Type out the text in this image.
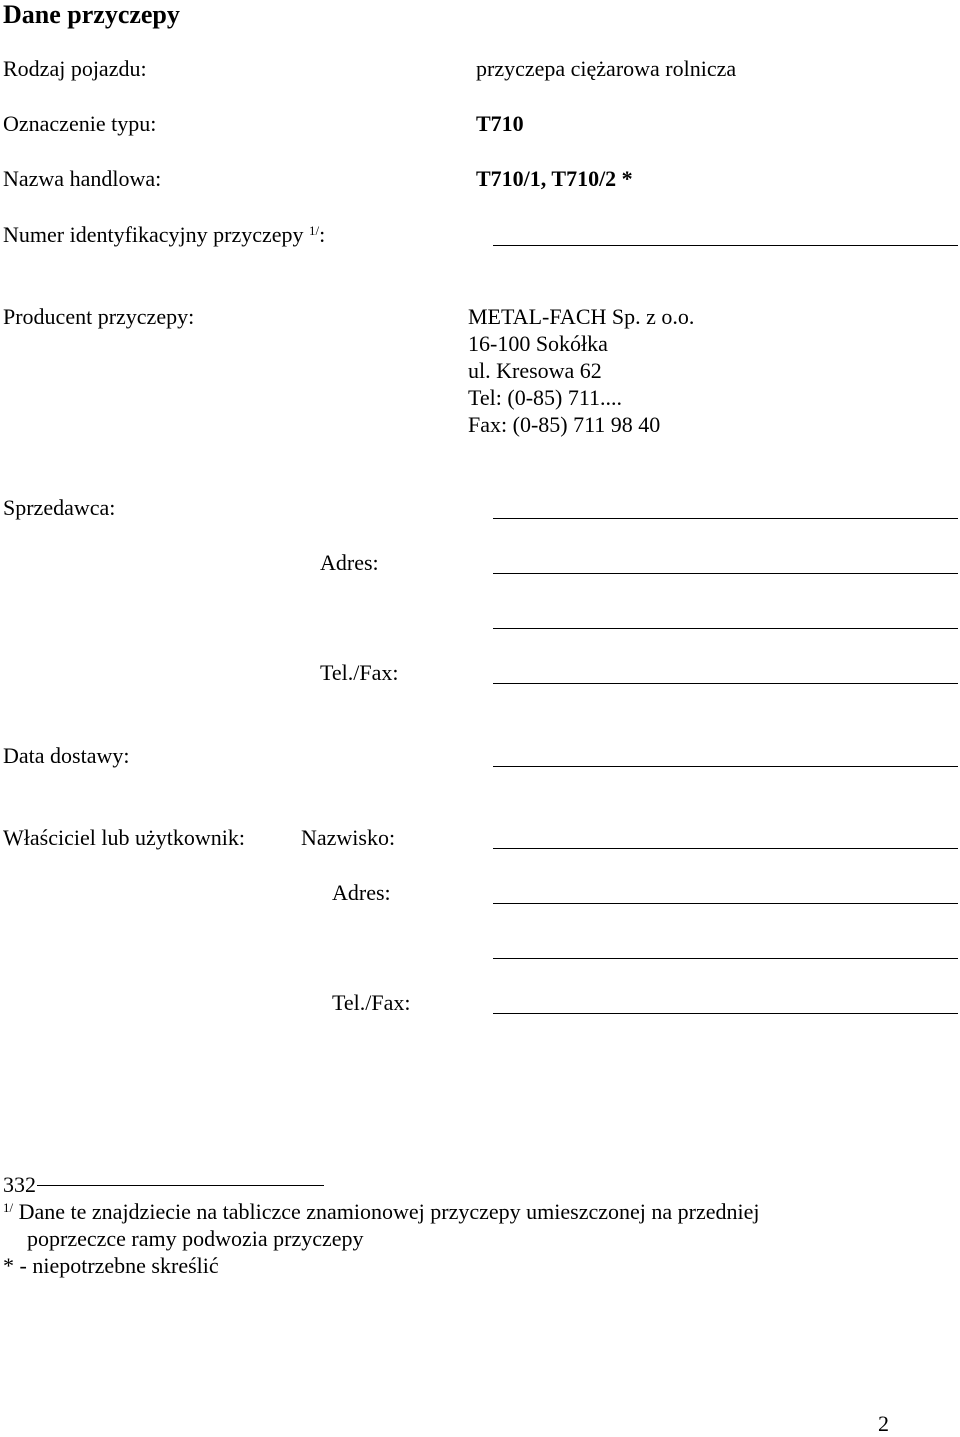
Dane przyczepy
Rodzaj pojazdu:	przyczepa ciężarowa rolnicza
Oznaczenie typu:	T710
Nazwa handlowa:	T710/1, T710/2 *
Numer identyfikacyjny przyczepy $^{1/}$:
Producent przyczepy:	METAL-FACH Sp. z o.o.
16-100 Sokółka
ul. Kresowa 62
Tel: (0-85) 711....
Fax: (0-85) 711 98 40
Sprzedawca:
Adres:
Tel./Fax:
Data dostawy:
Właściciel lub użytkownik:	Nazwisko:
Adres:
Tel./Fax:
332
$^{1/}$ Dane te znajdziecie na tabliczce znamionowej przyczepy umieszczonej na przedniej
poprzeczce ramy podwozia przyczepy
* - niepotrzebne skreślić
2
